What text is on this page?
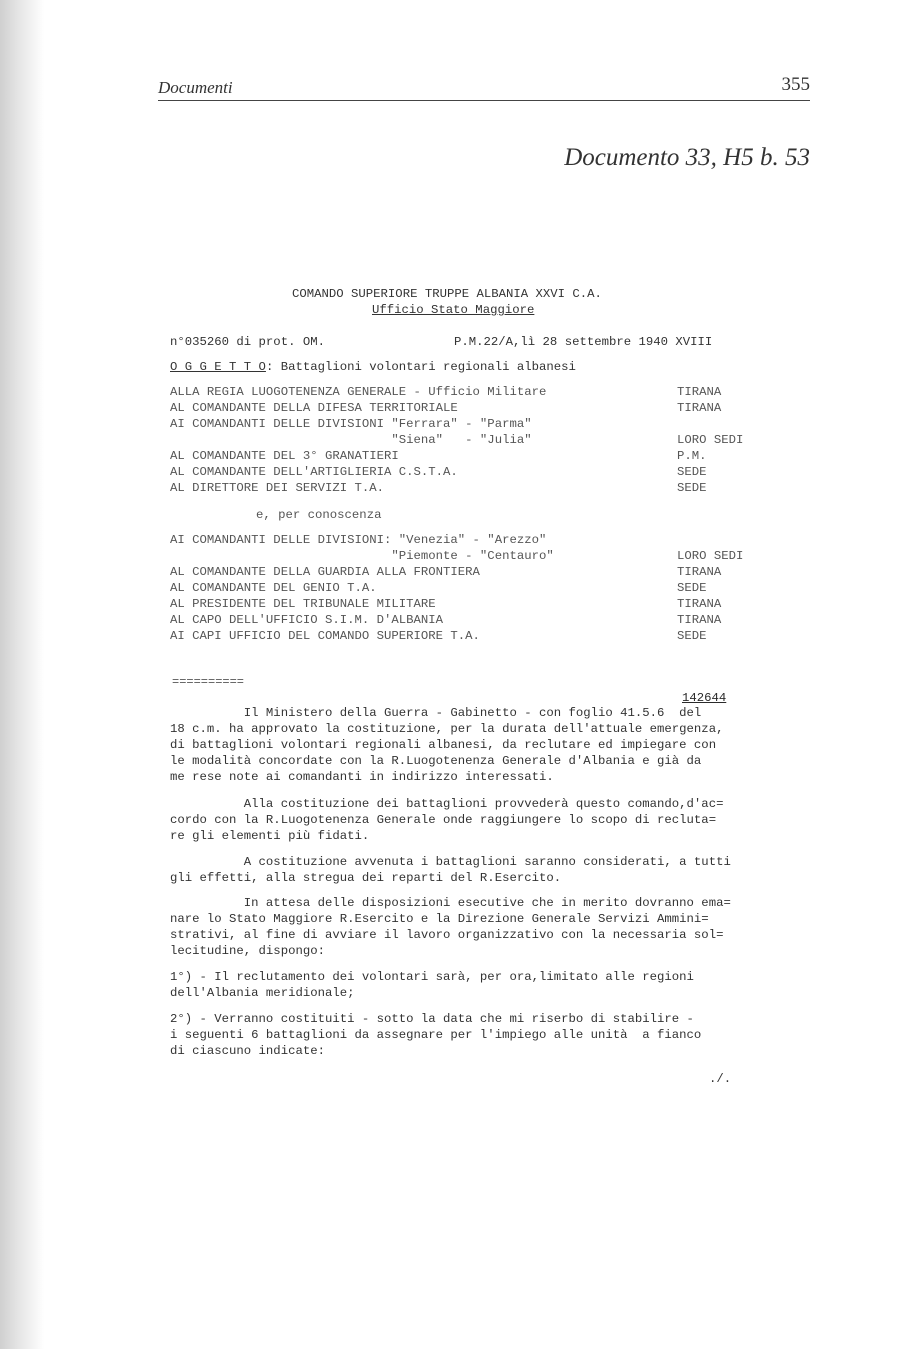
Documenti	355
Documento 33, H5 b. 53
COMANDO SUPERIORE TRUPPE ALBANIA XXVI C.A.
Ufficio Stato Maggiore
n°035260 di prot. OM.	P.M.22/A,lì 28 settembre 1940 XVIII
O G G E T T O: Battaglioni volontari regionali albanesi
ALLA REGIA LUOGOTENENZA GENERALE - Ufficio Militare	TIRANA
AL COMANDANTE DELLA DIFESA TERRITORIALE	TIRANA
AI COMANDANTI DELLE DIVISIONI "Ferrara" - "Parma"
"Siena"   - "Julia"	LORO SEDI
AL COMANDANTE DEL 3° GRANATIERI	P.M.
AL COMANDANTE DELL'ARTIGLIERIA C.S.T.A.	SEDE
AL DIRETTORE DEI SERVIZI T.A.	SEDE
e, per conoscenza
AI COMANDANTI DELLE DIVISIONI: "Venezia" - "Arezzo"
"Piemonte - "Centauro"	LORO SEDI
AL COMANDANTE DELLA GUARDIA ALLA FRONTIERA	TIRANA
AL COMANDANTE DEL GENIO T.A.	SEDE
AL PRESIDENTE DEL TRIBUNALE MILITARE	TIRANA
AL CAPO DELL'UFFICIO S.I.M. D'ALBANIA	TIRANA
AI CAPI UFFICIO DEL COMANDO SUPERIORE T.A.	SEDE
==========
142644
Il Ministero della Guerra - Gabinetto - con foglio 41.5.6  del
18 c.m. ha approvato la costituzione, per la durata dell'attuale emergenza,
di battaglioni volontari regionali albanesi, da reclutare ed impiegare con
le modalità concordate con la R.Luogotenenza Generale d'Albania e già da
me rese note ai comandanti in indirizzo interessati.
Alla costituzione dei battaglioni provvederà questo comando,d'ac=
cordo con la R.Luogotenenza Generale onde raggiungere lo scopo di recluta=
re gli elementi più fidati.
A costituzione avvenuta i battaglioni saranno considerati, a tutti
gli effetti, alla stregua dei reparti del R.Esercito.
In attesa delle disposizioni esecutive che in merito dovranno ema=
nare lo Stato Maggiore R.Esercito e la Direzione Generale Servizi Ammini=
strativi, al fine di avviare il lavoro organizzativo con la necessaria sol=
lecitudine, dispongo:
1°) - Il reclutamento dei volontari sarà, per ora,limitato alle regioni
dell'Albania meridionale;
2°) - Verranno costituiti - sotto la data che mi riserbo di stabilire -
i seguenti 6 battaglioni da assegnare per l'impiego alle unità  a fianco
di ciascuno indicate:
./.
